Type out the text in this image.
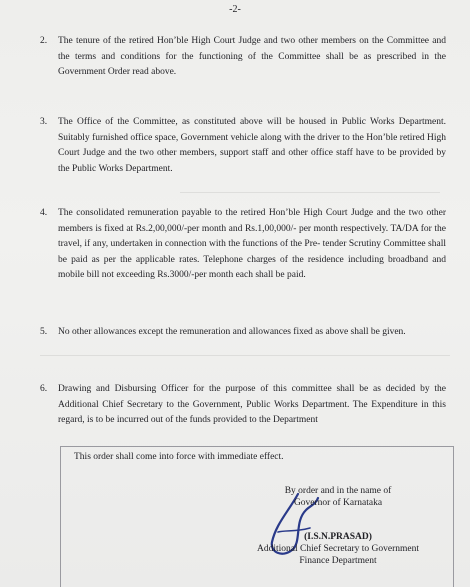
-2-
2. The tenure of the retired Hon’ble High Court Judge and two other members on the Committee and the terms and conditions for the functioning of the Committee shall be as prescribed in the Government Order read above.
3. The Office of the Committee, as constituted above will be housed in Public Works Department. Suitably furnished office space, Government vehicle along with the driver to the Hon’ble retired High Court Judge and the two other members, support staff and other office staff have to be provided by the Public Works Department.
4. The consolidated remuneration payable to the retired Hon’ble High Court Judge and the two other members is fixed at Rs.2,00,000/-per month and Rs.1,00,000/- per month respectively. TA/DA for the travel, if any, undertaken in connection with the functions of the Pre- tender Scrutiny Committee shall be paid as per the applicable rates. Telephone charges of the residence including broadband and mobile bill not exceeding Rs.3000/-per month each shall be paid.
5. No other allowances except the remuneration and allowances fixed as above shall be given.
6. Drawing and Disbursing Officer for the purpose of this committee shall be as decided by the Additional Chief Secretary to the Government, Public Works Department. The Expenditure in this regard, is to be incurred out of the funds provided to the Department
This order shall come into force with immediate effect.
By order and in the name of
Governor of Karnataka
(I.S.N.PRASAD)
Additional Chief Secretary to Government
Finance Department
